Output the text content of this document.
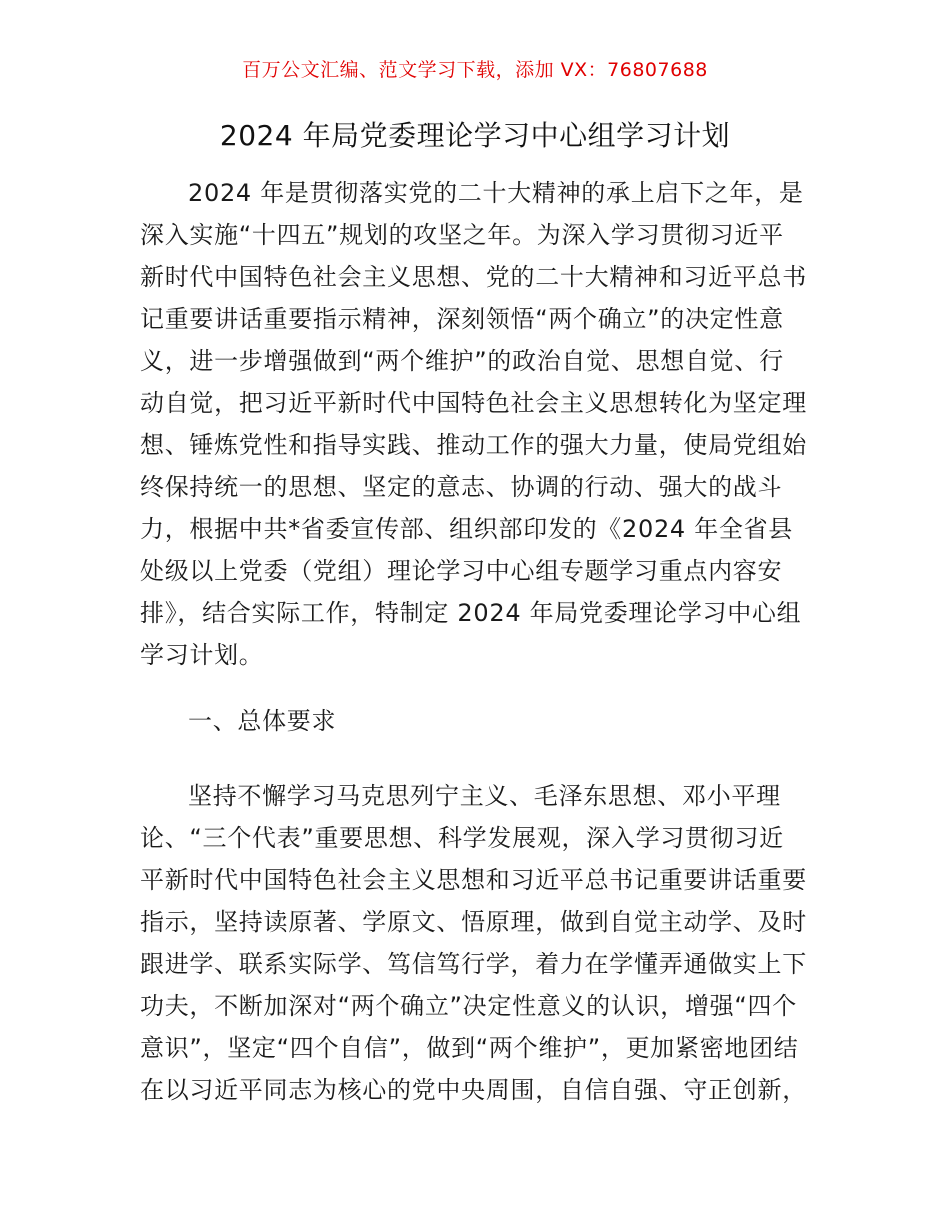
百万公文汇编、范文学习下载，添加 VX：76807688
2024 年局党委理论学习中心组学习计划
2024 年是贯彻落实党的二十大精神的承上启下之年，是
深入实施“十四五”规划的攻坚之年。为深入学习贯彻习近平
新时代中国特色社会主义思想、党的二十大精神和习近平总书
记重要讲话重要指示精神，深刻领悟“两个确立”的决定性意
义，进一步增强做到“两个维护”的政治自觉、思想自觉、行
动自觉，把习近平新时代中国特色社会主义思想转化为坚定理
想、锤炼党性和指导实践、推动工作的强大力量，使局党组始
终保持统一的思想、坚定的意志、协调的行动、强大的战斗
力，根据中共*省委宣传部、组织部印发的《2024 年全省县
处级以上党委（党组）理论学习中心组专题学习重点内容安
排》，结合实际工作，特制定 2024 年局党委理论学习中心组
学习计划。
一、总体要求
坚持不懈学习马克思列宁主义、毛泽东思想、邓小平理
论、“三个代表”重要思想、科学发展观，深入学习贯彻习近
平新时代中国特色社会主义思想和习近平总书记重要讲话重要
指示，坚持读原著、学原文、悟原理，做到自觉主动学、及时
跟进学、联系实际学、笃信笃行学，着力在学懂弄通做实上下
功夫，不断加深对“两个确立”决定性意义的认识，增强“四个
意识”，坚定“四个自信”，做到“两个维护”，更加紧密地团结
在以习近平同志为核心的党中央周围，自信自强、守正创新，
